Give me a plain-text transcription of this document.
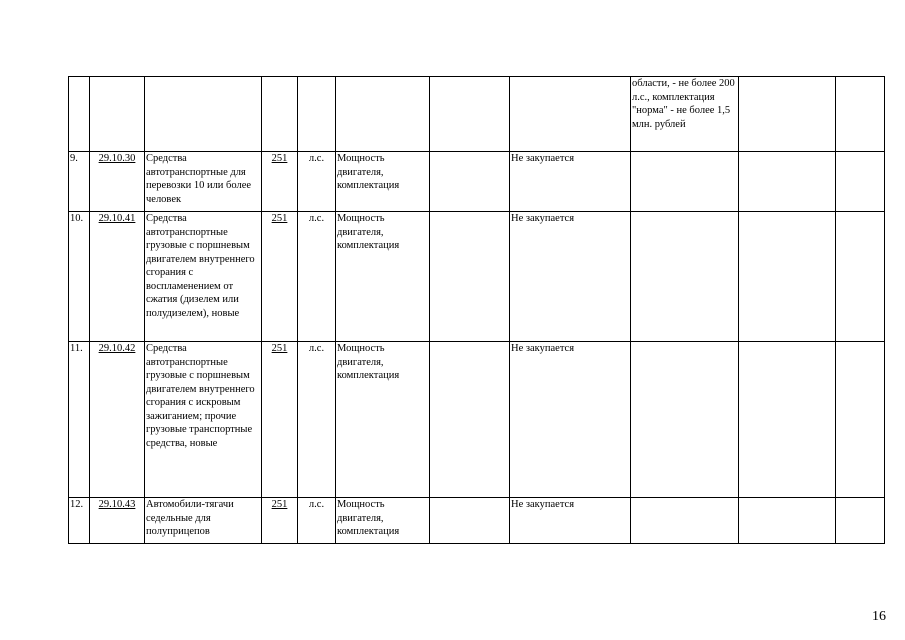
								области, - не более 200 л.с., комплектация "норма" - не более 1,5 млн. рублей		
9.	29.10.30	Средства автотранспортные для перевозки 10 или более человек	251	л.с.	Мощность двигателя, комплектация		Не закупается			
10.	29.10.41	Средства автотранспортные грузовые с поршневым двигателем внутреннего сгорания с воспламенением от сжатия (дизелем или полудизелем), новые	251	л.с.	Мощность двигателя, комплектация		Не закупается			
11.	29.10.42	Средства автотранспортные грузовые с поршневым двигателем внутреннего сгорания с искровым зажиганием; прочие грузовые транспортные средства, новые	251	л.с.	Мощность двигателя, комплектация		Не закупается			
12.	29.10.43	Автомобили-тягачи седельные для полуприцепов	251	л.с.	Мощность двигателя, комплектация		Не закупается			
16
